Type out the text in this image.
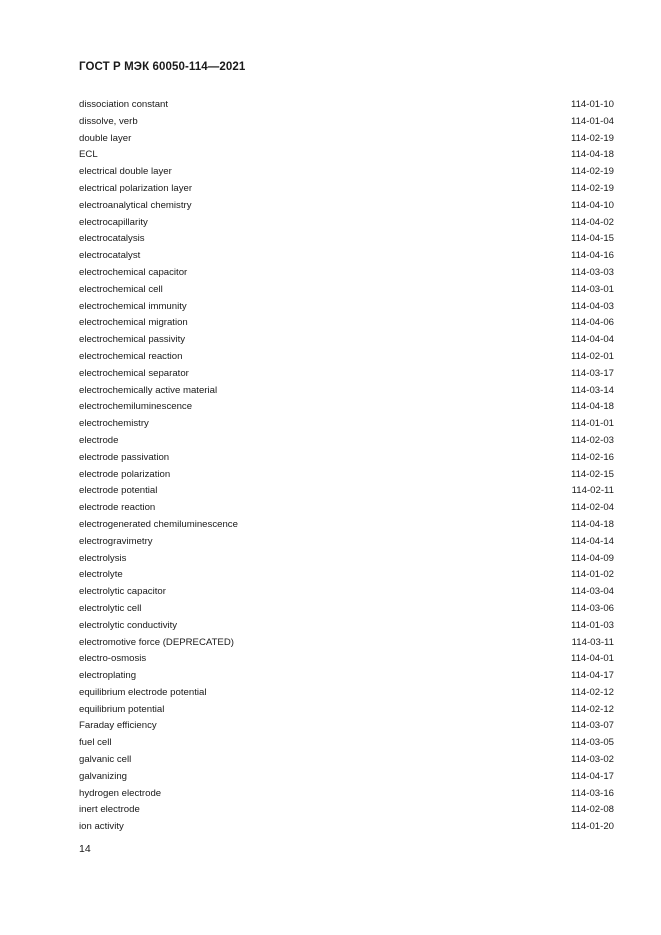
ГОСТ Р МЭК 60050-114—2021
dissociation constant	114-01-10
dissolve, verb	114-01-04
double layer	114-02-19
ECL	114-04-18
electrical double layer	114-02-19
electrical polarization layer	114-02-19
electroanalytical chemistry	114-04-10
electrocapillarity	114-04-02
electrocatalysis	114-04-15
electrocatalyst	114-04-16
electrochemical capacitor	114-03-03
electrochemical cell	114-03-01
electrochemical immunity	114-04-03
electrochemical migration	114-04-06
electrochemical passivity	114-04-04
electrochemical reaction	114-02-01
electrochemical separator	114-03-17
electrochemically active material	114-03-14
electrochemiluminescence	114-04-18
electrochemistry	114-01-01
electrode	114-02-03
electrode passivation	114-02-16
electrode polarization	114-02-15
electrode potential	114-02-11
electrode reaction	114-02-04
electrogenerated chemiluminescence	114-04-18
electrogravimetry	114-04-14
electrolysis	114-04-09
electrolyte	114-01-02
electrolytic capacitor	114-03-04
electrolytic cell	114-03-06
electrolytic conductivity	114-01-03
electromotive force (DEPRECATED)	114-03-11
electro-osmosis	114-04-01
electroplating	114-04-17
equilibrium electrode potential	114-02-12
equilibrium potential	114-02-12
Faraday efficiency	114-03-07
fuel cell	114-03-05
galvanic cell	114-03-02
galvanizing	114-04-17
hydrogen electrode	114-03-16
inert electrode	114-02-08
ion activity	114-01-20
14
